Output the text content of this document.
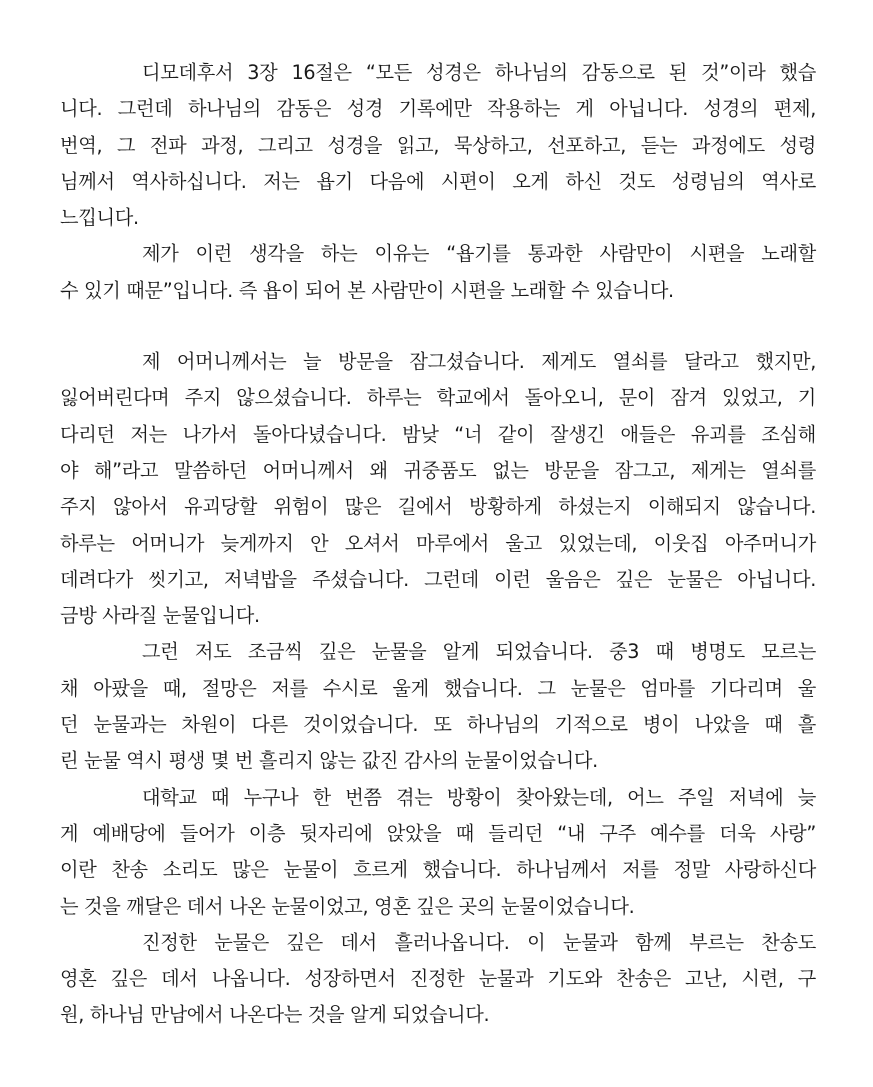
디모데후서 3장 16절은 “모든 성경은 하나님의 감동으로 된 것”이라 했습
니다. 그런데 하나님의 감동은 성경 기록에만 작용하는 게 아닙니다. 성경의 편제,
번역, 그 전파 과정, 그리고 성경을 읽고, 묵상하고, 선포하고, 듣는 과정에도 성령
님께서 역사하십니다. 저는 욥기 다음에 시편이 오게 하신 것도 성령님의 역사로
느낍니다.
제가 이런 생각을 하는 이유는 “욥기를 통과한 사람만이 시편을 노래할
수 있기 때문”입니다. 즉 욥이 되어 본 사람만이 시편을 노래할 수 있습니다.
제 어머니께서는 늘 방문을 잠그셨습니다. 제게도 열쇠를 달라고 했지만,
잃어버린다며 주지 않으셨습니다. 하루는 학교에서 돌아오니, 문이 잠겨 있었고, 기
다리던 저는 나가서 돌아다녔습니다. 밤낮 “너 같이 잘생긴 애들은 유괴를 조심해
야 해”라고 말씀하던 어머니께서 왜 귀중품도 없는 방문을 잠그고, 제게는 열쇠를
주지 않아서 유괴당할 위험이 많은 길에서 방황하게 하셨는지 이해되지 않습니다.
하루는 어머니가 늦게까지 안 오셔서 마루에서 울고 있었는데, 이웃집 아주머니가
데려다가 씻기고, 저녁밥을 주셨습니다. 그런데 이런 울음은 깊은 눈물은 아닙니다.
금방 사라질 눈물입니다.
그런 저도 조금씩 깊은 눈물을 알게 되었습니다. 중3 때 병명도 모르는
채 아팠을 때, 절망은 저를 수시로 울게 했습니다. 그 눈물은 엄마를 기다리며 울
던 눈물과는 차원이 다른 것이었습니다. 또 하나님의 기적으로 병이 나았을 때 흘
린 눈물 역시 평생 몇 번 흘리지 않는 값진 감사의 눈물이었습니다.
대학교 때 누구나 한 번쯤 겪는 방황이 찾아왔는데, 어느 주일 저녁에 늦
게 예배당에 들어가 이층 뒷자리에 앉았을 때 들리던 “내 구주 예수를 더욱 사랑”
이란 찬송 소리도 많은 눈물이 흐르게 했습니다. 하나님께서 저를 정말 사랑하신다
는 것을 깨달은 데서 나온 눈물이었고, 영혼 깊은 곳의 눈물이었습니다.
진정한 눈물은 깊은 데서 흘러나옵니다. 이 눈물과 함께 부르는 찬송도
영혼 깊은 데서 나옵니다. 성장하면서 진정한 눈물과 기도와 찬송은 고난, 시련, 구
원, 하나님 만남에서 나온다는 것을 알게 되었습니다.
